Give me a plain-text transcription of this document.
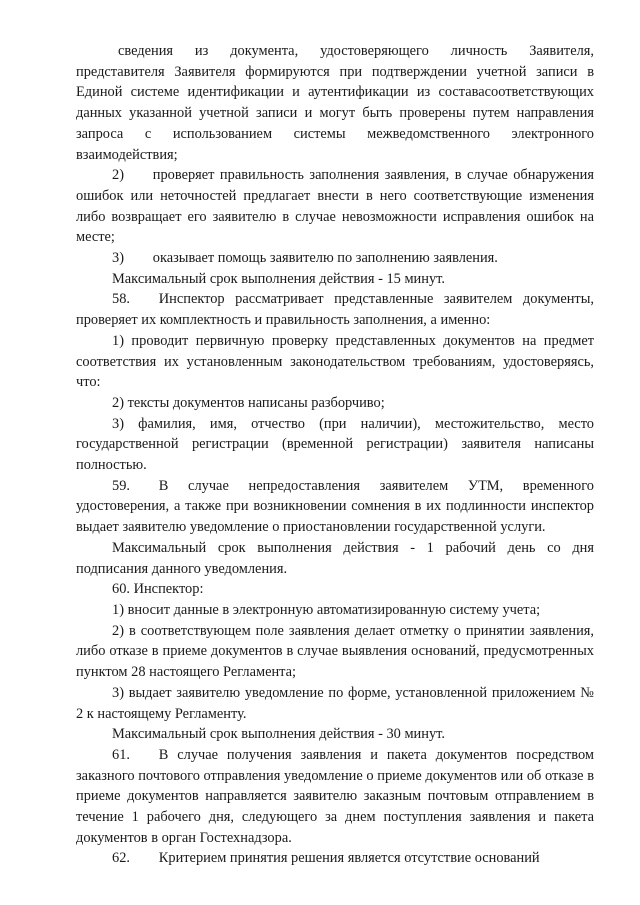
сведения из документа, удостоверяющего личность Заявителя, представителя Заявителя формируются при подтверждении учетной записи в Единой системе идентификации и аутентификации из составасоответствующих данных указанной учетной записи и могут быть проверены путем направления запроса с использованием системы межведомственного электронного взаимодействия;

2)  проверяет правильность заполнения заявления, в случае обнаружения ошибок или неточностей предлагает внести в него соответствующие изменения либо возвращает его заявителю в случае невозможности исправления ошибок на месте;

3)  оказывает помощь заявителю по заполнению заявления.

Максимальный срок выполнения действия - 15 минут.

58.  Инспектор рассматривает представленные заявителем документы, проверяет их комплектность и правильность заполнения, а именно:

1) проводит первичную проверку представленных документов на предмет соответствия их установленным законодательством требованиям, удостоверяясь, что:

2) тексты документов написаны разборчиво;

3) фамилия, имя, отчество (при наличии), местожительство, место государственной регистрации (временной регистрации) заявителя написаны полностью.

59.  В случае непредоставления заявителем УТМ, временного удостоверения, а также при возникновении сомнения в их подлинности инспектор выдает заявителю уведомление о приостановлении государственной услуги.

Максимальный срок выполнения действия - 1 рабочий день со дня подписания данного уведомления.

60. Инспектор:

1) вносит данные в электронную автоматизированную систему учета;

2) в соответствующем поле заявления делает отметку о принятии заявления, либо отказе в приеме документов в случае выявления оснований, предусмотренных пунктом 28 настоящего Регламента;

3) выдает заявителю уведомление по форме, установленной приложением № 2 к настоящему Регламенту.

Максимальный срок выполнения действия - 30 минут.

61.  В случае получения заявления и пакета документов посредством заказного почтового отправления уведомление о приеме документов или об отказе в приеме документов направляется заявителю заказным почтовым отправлением в течение 1 рабочего дня, следующего за днем поступления заявления и пакета документов в орган Гостехнадзора.

62.  Критерием принятия решения является отсутствие оснований
